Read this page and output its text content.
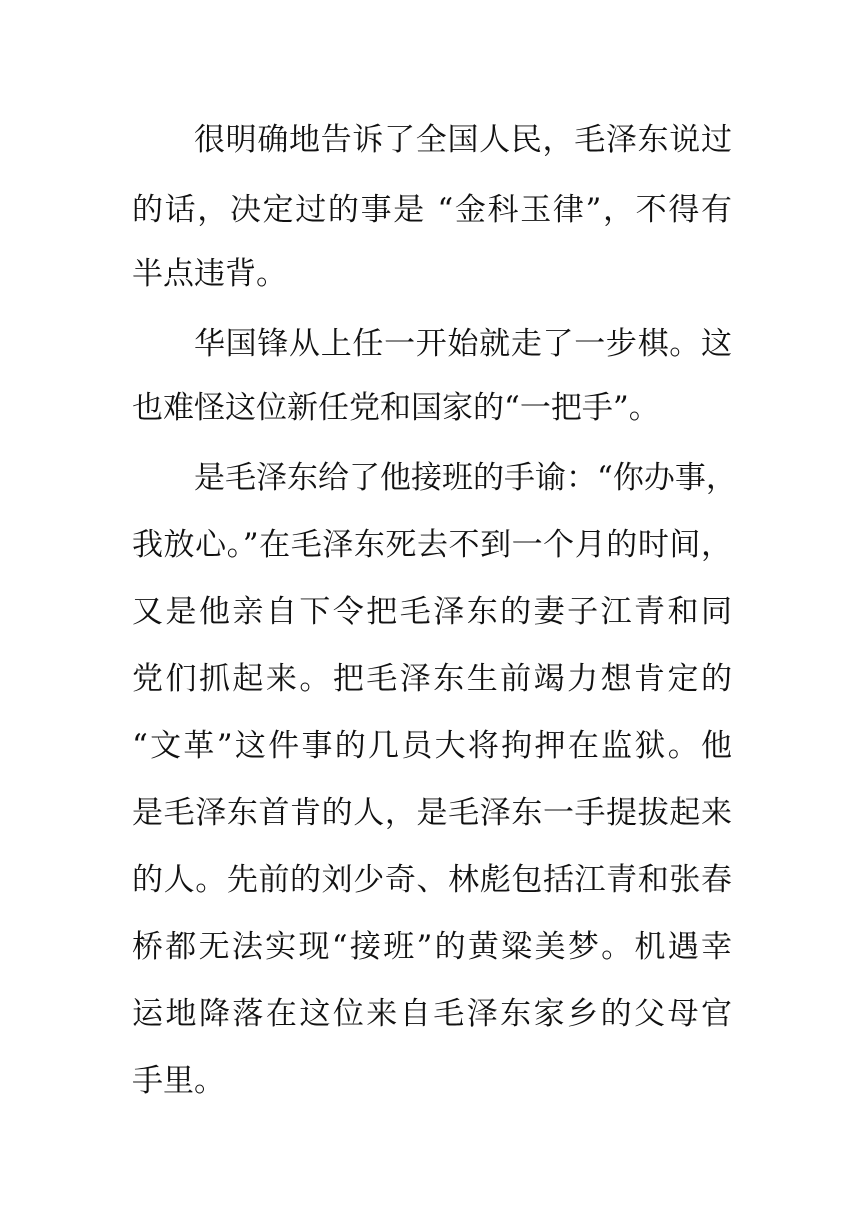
很明确地告诉了全国人民，毛泽东说过
的话，决定过的事是 “金科玉律”，不得有
半点违背。
华国锋从上任一开始就走了一步棋。这
也难怪这位新任党和国家的“一把手”。
是毛泽东给了他接班的手谕：“你办事，
我放心。”在毛泽东死去不到一个月的时间，
又是他亲自下令把毛泽东的妻子江青和同
党们抓起来。把毛泽东生前竭力想肯定的
“文革”这件事的几员大将拘押在监狱。他
是毛泽东首肯的人，是毛泽东一手提拔起来
的人。先前的刘少奇、林彪包括江青和张春
桥都无法实现“接班”的黄粱美梦。机遇幸
运地降落在这位来自毛泽东家乡的父母官
手里。
